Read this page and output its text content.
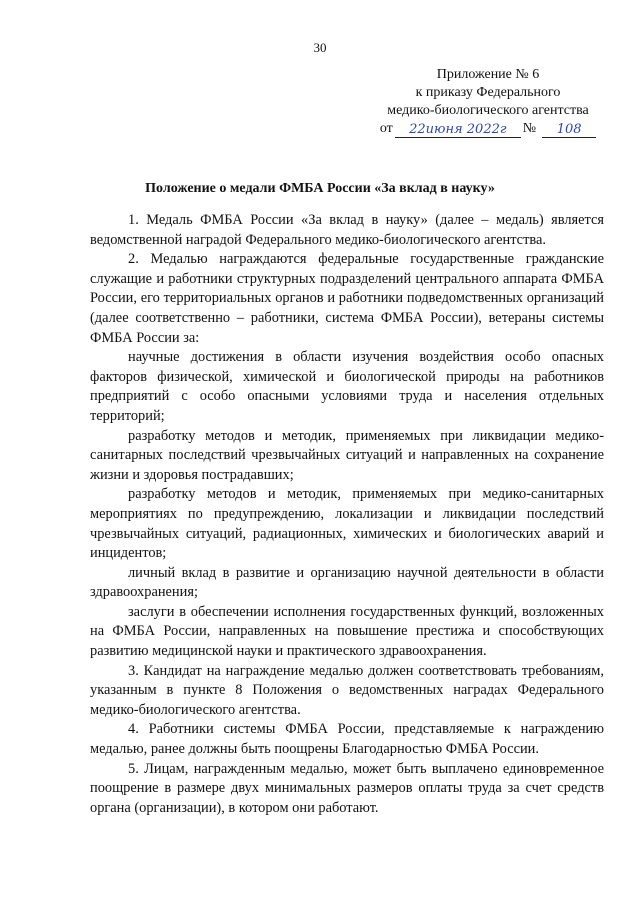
30
Приложение № 6
к приказу Федерального
медико-биологического агентства
от	22июня 2022г	№	108
Положение о медали ФМБА России «За вклад в науку»

1. Медаль ФМБА России «За вклад в науку» (далее – медаль) является ведомственной наградой Федерального медико-биологического агентства.

2. Медалью награждаются федеральные государственные гражданские служащие и работники структурных подразделений центрального аппарата ФМБА России, его территориальных органов и работники подведомственных организаций (далее соответственно – работники, система ФМБА России), ветераны системы ФМБА России за:

научные достижения в области изучения воздействия особо опасных факторов физической, химической и биологической природы на работников предприятий с особо опасными условиями труда и населения отдельных территорий;

разработку методов и методик, применяемых при ликвидации медико-санитарных последствий чрезвычайных ситуаций и направленных на сохранение жизни и здоровья пострадавших;

разработку методов и методик, применяемых при медико-санитарных мероприятиях по предупреждению, локализации и ликвидации последствий чрезвычайных ситуаций, радиационных, химических и биологических аварий и инцидентов;

личный вклад в развитие и организацию научной деятельности в области здравоохранения;

заслуги в обеспечении исполнения государственных функций, возложенных на ФМБА России, направленных на повышение престижа и способствующих развитию медицинской науки и практического здравоохранения.

3. Кандидат на награждение медалью должен соответствовать требованиям, указанным в пункте 8 Положения о ведомственных наградах Федерального медико-биологического агентства.

4. Работники системы ФМБА России, представляемые к награждению медалью, ранее должны быть поощрены Благодарностью ФМБА России.

5. Лицам, награжденным медалью, может быть выплачено единовременное поощрение в размере двух минимальных размеров оплаты труда за счет средств органа (организации), в котором они работают.
